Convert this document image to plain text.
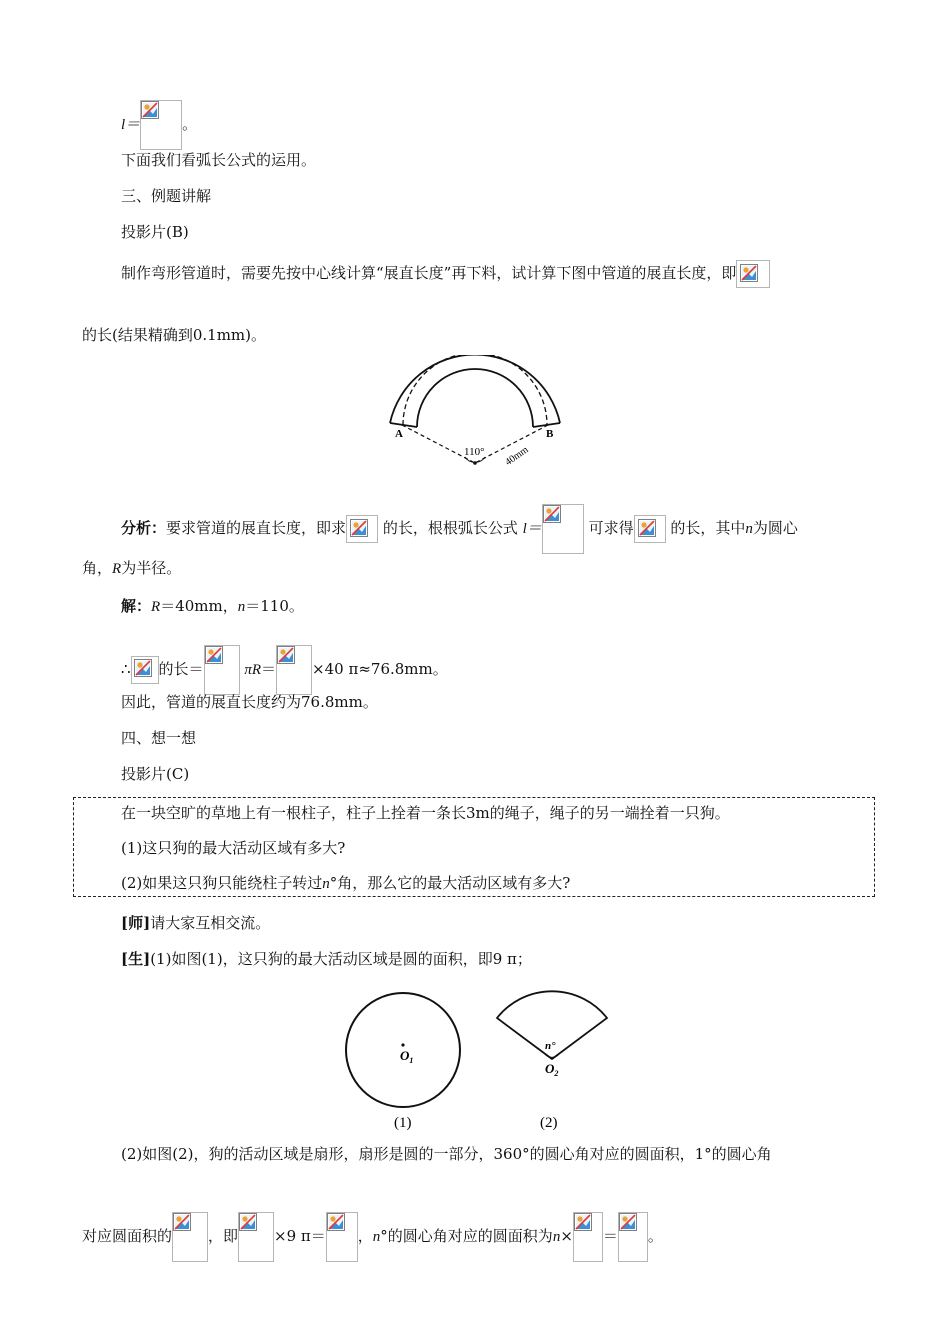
l＝	。
下面我们看弧长公式的运用。
三、例题讲解
投影片(B)
制作弯形管道时，需要先按中心线计算“展直长度”再下料，试计算下图中管道的展直长度，即
的长(结果精确到0.1mm)。
A	B
110° 40mm
分析：要求管道的展直长度，即求 的长，根根弧长公式 l＝	可求得 的长，其中n为圆心
角，R为半径。
解：R＝40mm，n＝110。
∴ 的长＝	πR＝ ×40 π≈76.8mm。
因此，管道的展直长度约为76.8mm。
四、想一想
投影片(C)
在一块空旷的草地上有一根柱子，柱子上拴着一条长3m的绳子，绳子的另一端拴着一只狗。
(1)这只狗的最大活动区域有多大?
(2)如果这只狗只能绕柱子转过n°角，那么它的最大活动区域有多大?
[师]请大家互相交流。
[生](1)如图(1)，这只狗的最大活动区域是圆的面积，即9 π；
$O_1$
n°
$O_2$
(1)	(2)
(2)如图(2)，狗的活动区域是扇形，扇形是圆的一部分，360°的圆心角对应的圆面积，1°的圆心角
对应圆面积的 ，即 ×9 π＝ ，n°的圆心角对应的圆面积为n× ＝ 。
